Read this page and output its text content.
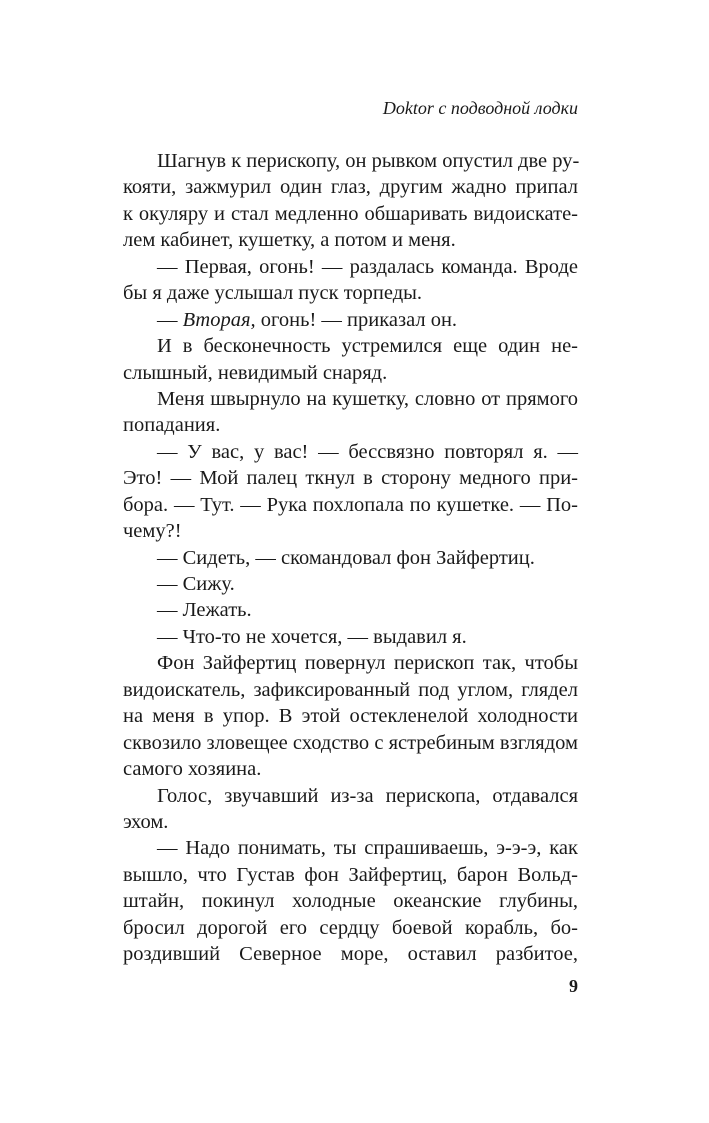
Doktor с подводной лодки
Шагнув к перископу, он рывком опустил две ру-
кояти, зажмурил один глаз, другим жадно припал
к окуляру и стал медленно обшаривать видоискате-
лем кабинет, кушетку, а потом и меня.
— Первая, огонь! — раздалась команда. Вроде
бы я даже услышал пуск торпеды.
— Вторая, огонь! — приказал он.
И в бесконечность устремился еще один не-
слышный, невидимый снаряд.
Меня швырнуло на кушетку, словно от прямого
попадания.
— У вас, у вас! — бессвязно повторял я. —
Это! — Мой палец ткнул в сторону медного при-
бора. — Тут. — Рука похлопала по кушетке. — По-
чему?!
— Сидеть, — скомандовал фон Зайфертиц.
— Сижу.
— Лежать.
— Что-то не хочется, — выдавил я.
Фон Зайфертиц повернул перископ так, чтобы
видоискатель, зафиксированный под углом, глядел
на меня в упор. В этой остекленелой холодности
сквозило зловещее сходство с ястребиным взглядом
самого хозяина.
Голос, звучавший из-за перископа, отдавался
эхом.
— Надо понимать, ты спрашиваешь, э-э-э, как
вышло, что Густав фон Зайфертиц, барон Вольд-
штайн, покинул холодные океанские глубины,
бросил дорогой его сердцу боевой корабль, бо-
роздивший Северное море, оставил разбитое,
9
